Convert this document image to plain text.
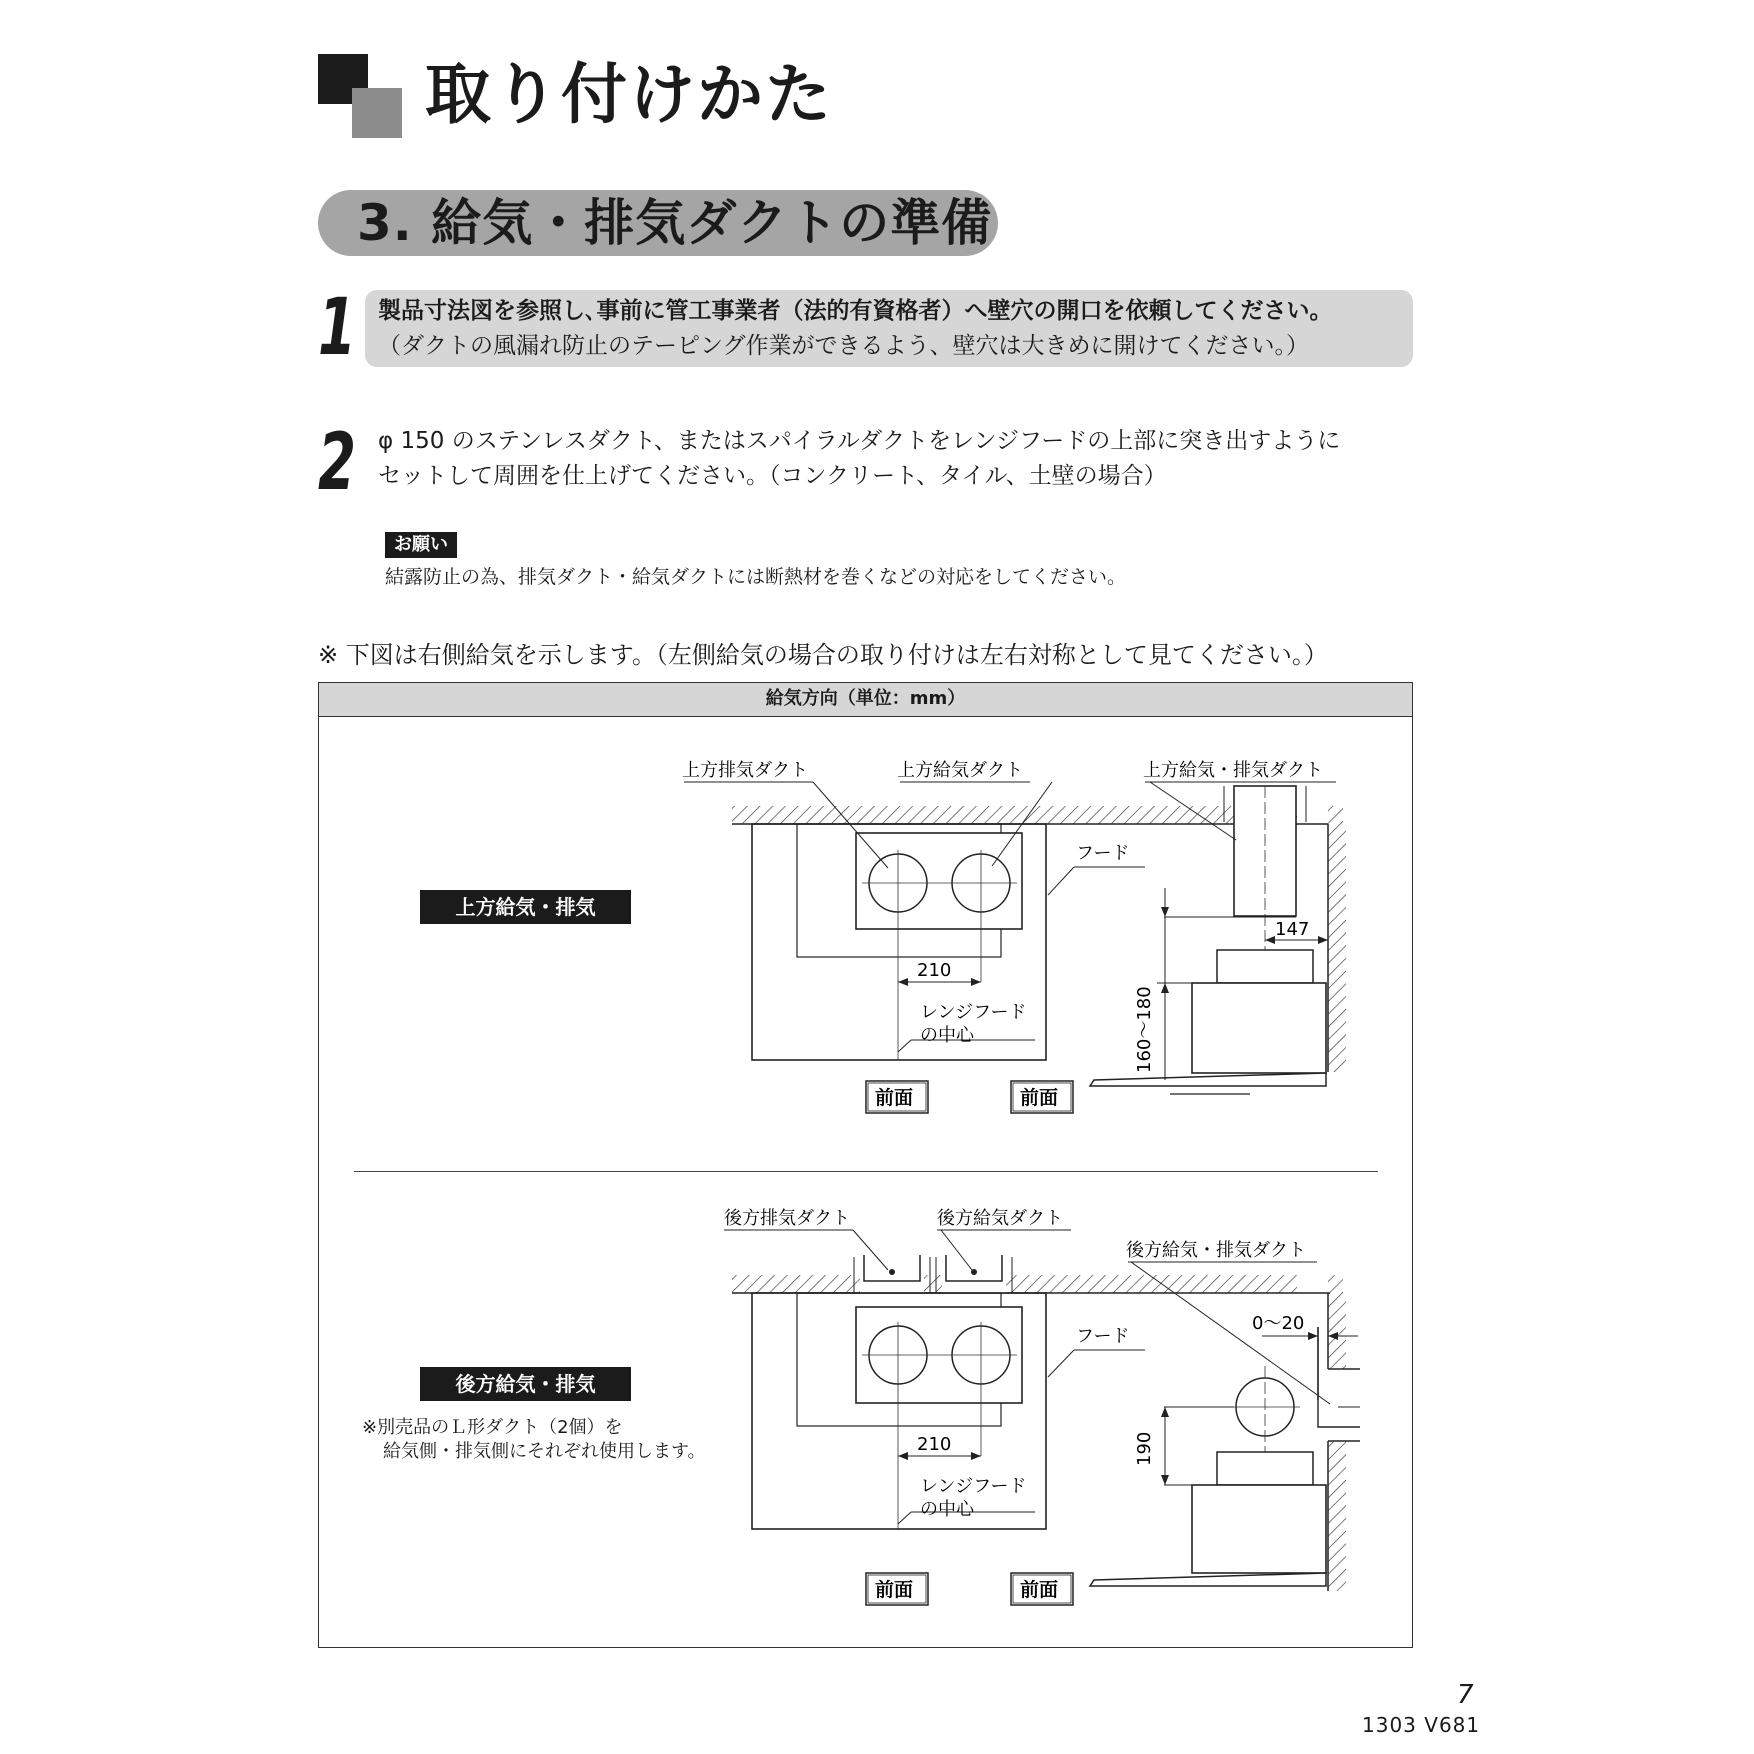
取り付けかた
3. 給気・排気ダクトの準備
1 製品寸法図を参照し､事前に管工事業者（法的有資格者）へ壁穴の開口を依頼してください｡
（ダクトの風漏れ防止のテーピング作業ができるよう、壁穴は大きめに開けてください。）
2 φ 150 のステンレスダクト、またはスパイラルダクトをレンジフードの上部に突き出すように
セットして周囲を仕上げてください。（コンクリート、タイル、土壁の場合）
お願い
結露防止の為、排気ダクト・給気ダクトには断熱材を巻くなどの対応をしてください。
※ 下図は右側給気を示します。（左側給気の場合の取り付けは左右対称として見てください。）
給気方向（単位：mm）
上方給気・排気
後方給気・排気
※別売品のＬ形ダクト（2個）を
給気側・排気側にそれぞれ使用します。
上方排気ダクト	上方給気ダクト	上方給気・排気ダクト
フード
210
レンジフード
の中心
前面	前面
147
160〜180
後方排気ダクト	後方給気ダクト
後方給気・排気ダクト
フード
210
レンジフード
の中心
前面	前面
0〜20
190
7
1303 V681
